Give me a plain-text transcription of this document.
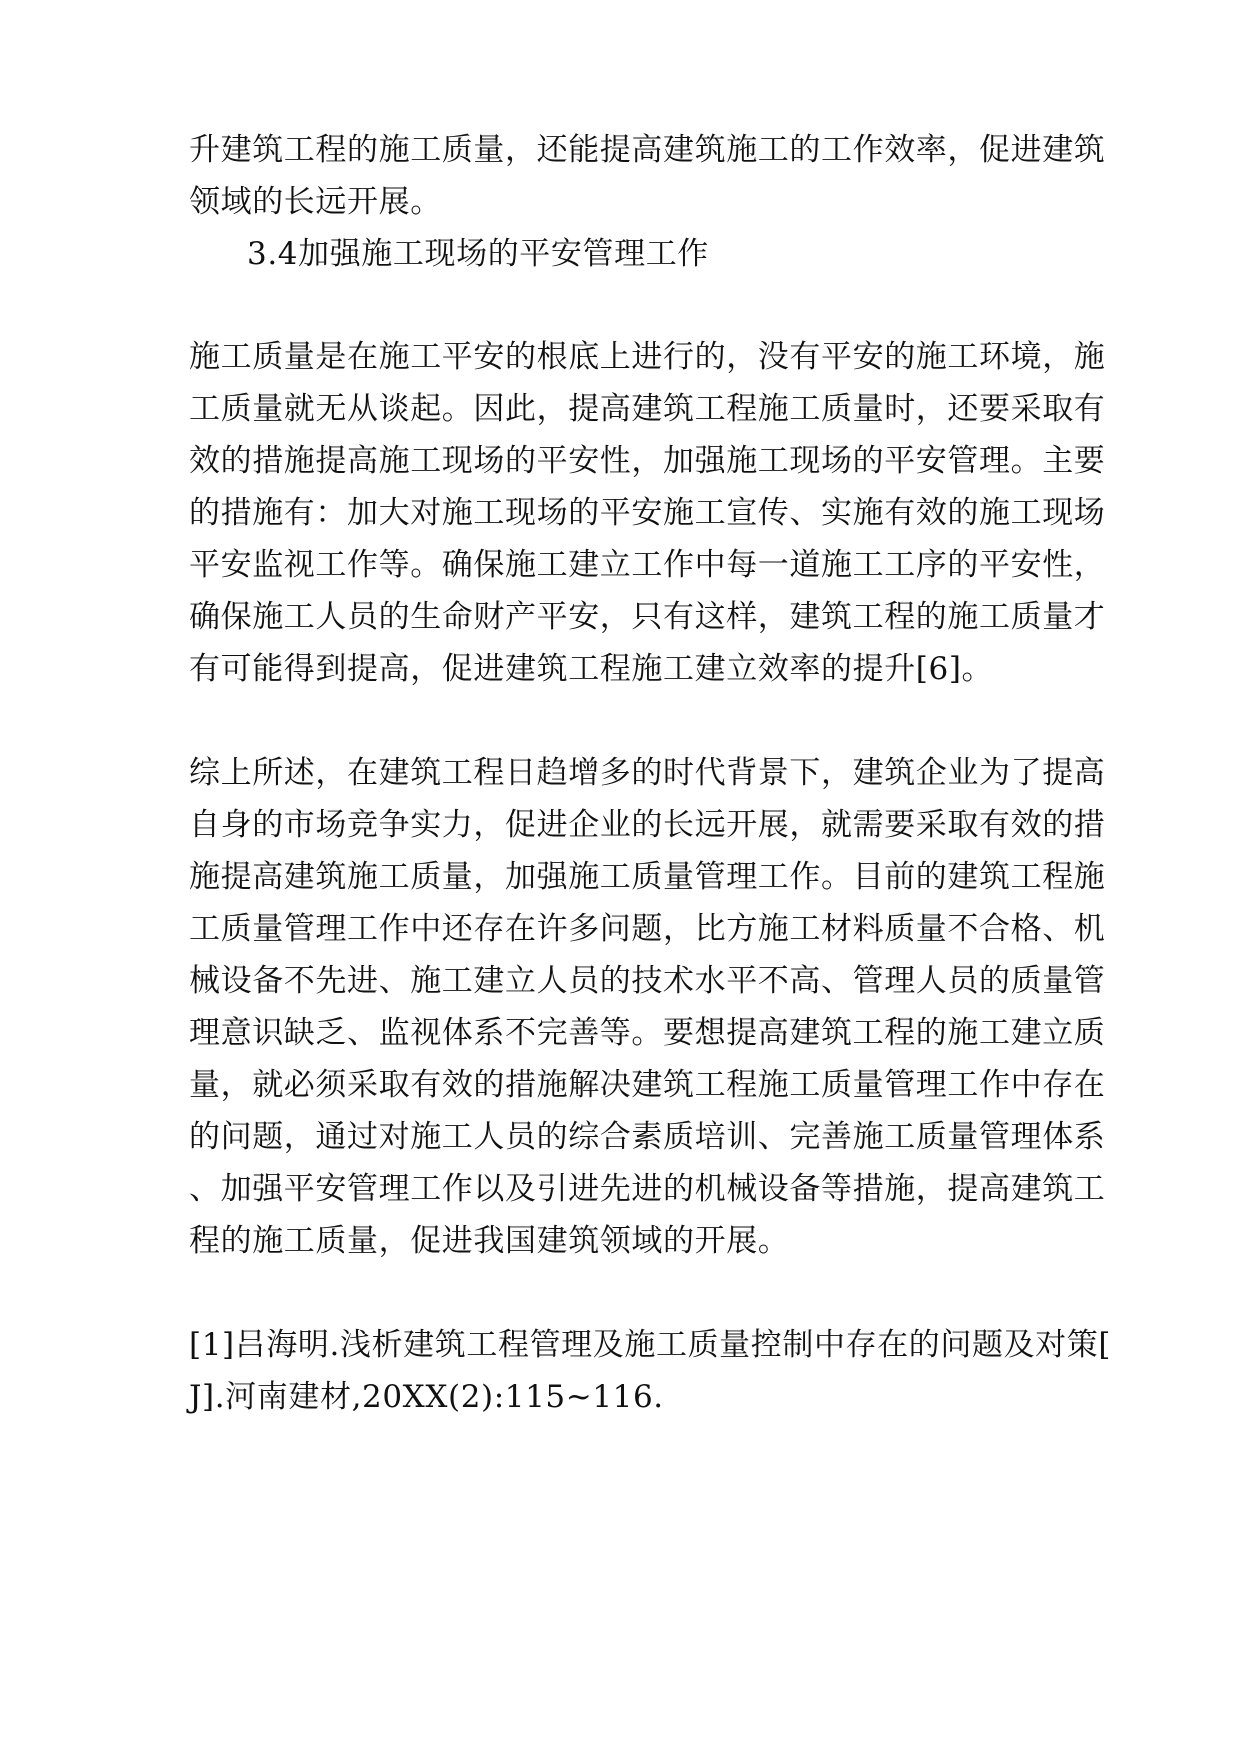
升建筑工程的施工质量，还能提高建筑施工的工作效率，促进建筑

领域的长远开展。

3.4加强施工现场的平安管理工作

施工质量是在施工平安的根底上进行的，没有平安的施工环境，施

工质量就无从谈起。因此，提高建筑工程施工质量时，还要采取有

效的措施提高施工现场的平安性，加强施工现场的平安管理。主要

的措施有：加大对施工现场的平安施工宣传、实施有效的施工现场

平安监视工作等。确保施工建立工作中每一道施工工序的平安性，

确保施工人员的生命财产平安，只有这样，建筑工程的施工质量才

有可能得到提高，促进建筑工程施工建立效率的提升[6]。

综上所述，在建筑工程日趋增多的时代背景下，建筑企业为了提高

自身的市场竞争实力，促进企业的长远开展，就需要采取有效的措

施提高建筑施工质量，加强施工质量管理工作。目前的建筑工程施

工质量管理工作中还存在许多问题，比方施工材料质量不合格、机

械设备不先进、施工建立人员的技术水平不高、管理人员的质量管

理意识缺乏、监视体系不完善等。要想提高建筑工程的施工建立质

量，就必须采取有效的措施解决建筑工程施工质量管理工作中存在

的问题，通过对施工人员的综合素质培训、完善施工质量管理体系

、加强平安管理工作以及引进先进的机械设备等措施，提高建筑工

程的施工质量，促进我国建筑领域的开展。

[1]吕海明.浅析建筑工程管理及施工质量控制中存在的问题及对策[

J].河南建材,20XX(2):115~116.
